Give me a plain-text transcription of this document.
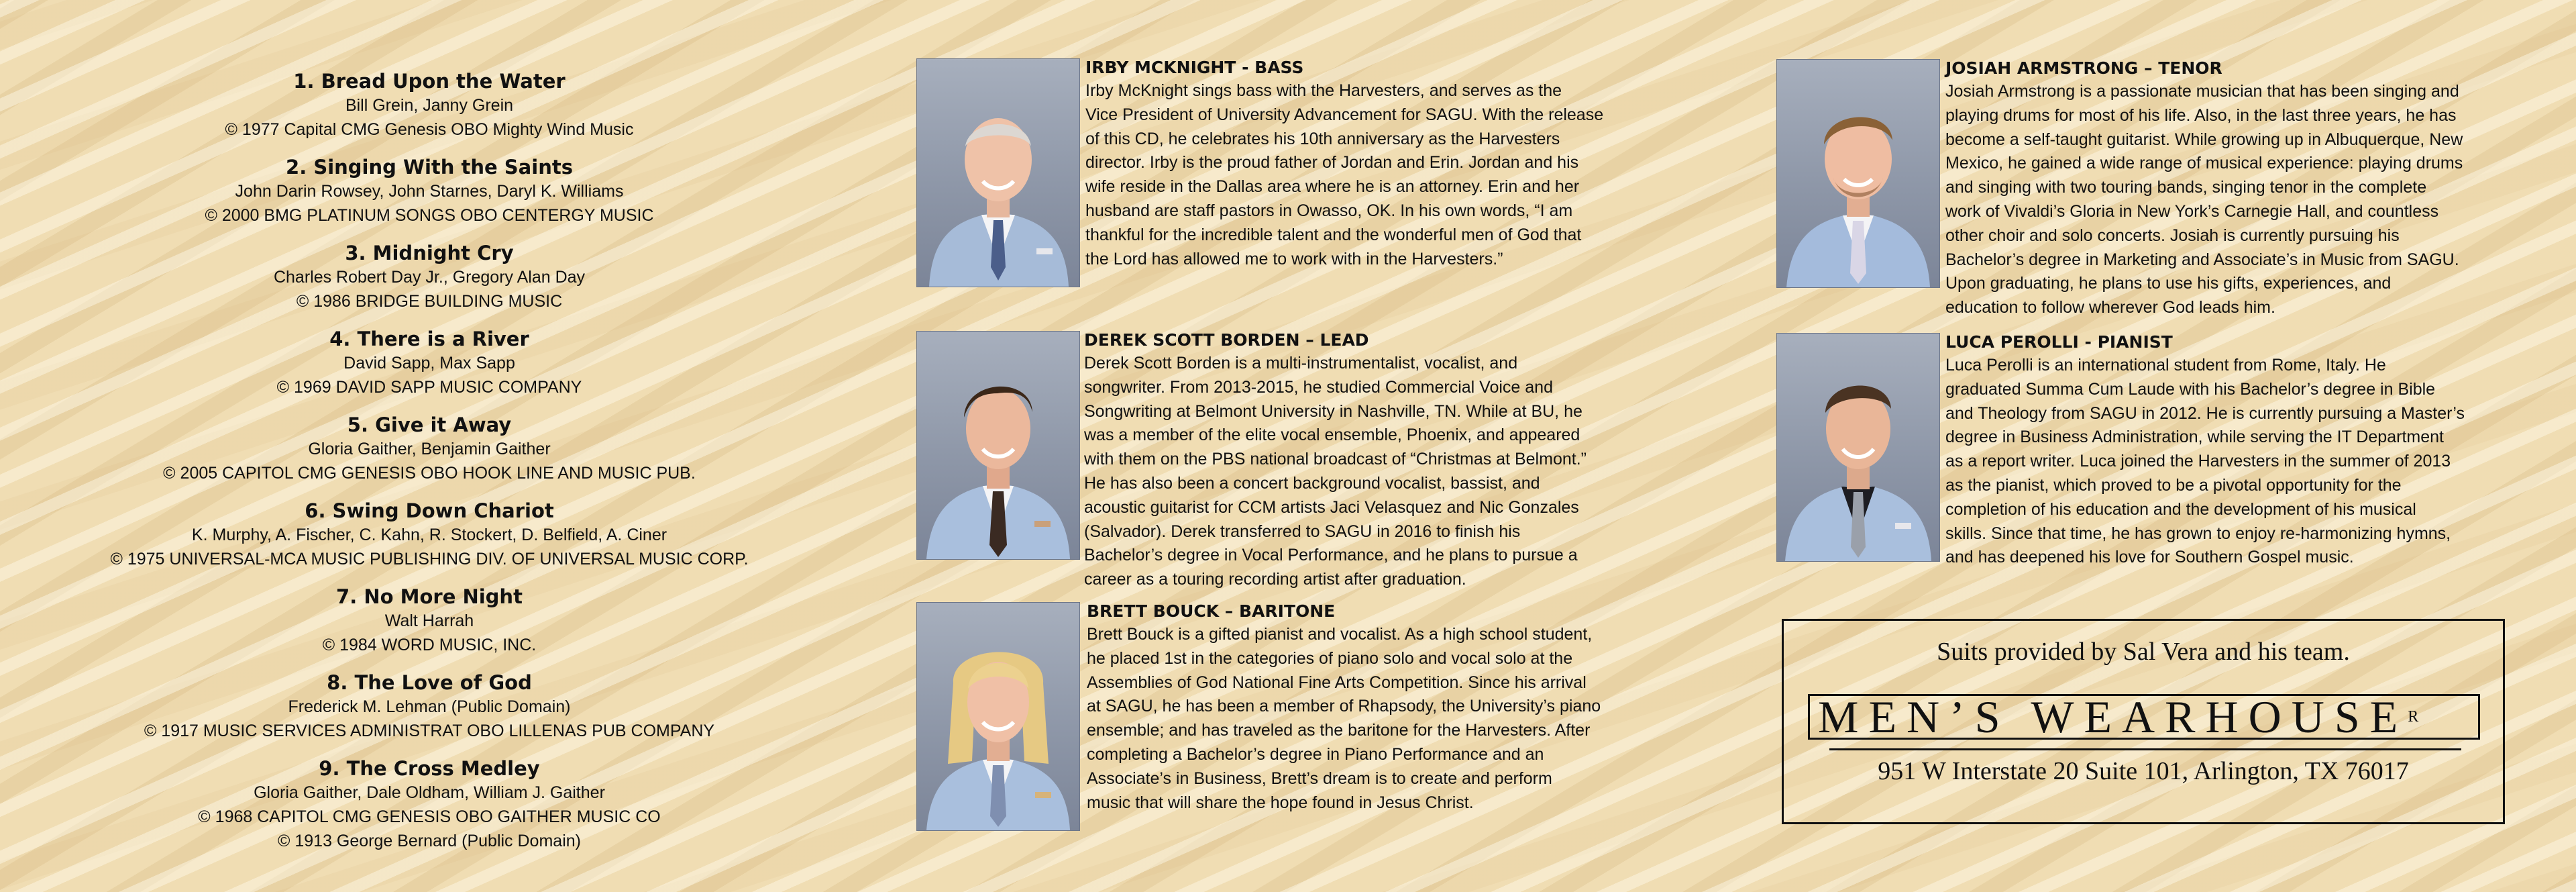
1. Bread Upon the Water
Bill Grein, Janny Grein
© 1977 Capital CMG Genesis OBO Mighty Wind Music
2. Singing With the Saints
John Darin Rowsey, John Starnes, Daryl K. Williams
© 2000 BMG PLATINUM SONGS OBO CENTERGY MUSIC
3. Midnight Cry
Charles Robert Day Jr., Gregory Alan Day
© 1986 BRIDGE BUILDING MUSIC
4. There is a River
David Sapp, Max Sapp
© 1969 DAVID SAPP MUSIC COMPANY
5. Give it Away
Gloria Gaither, Benjamin Gaither
© 2005 CAPITOL CMG GENESIS OBO HOOK LINE AND MUSIC PUB.
6. Swing Down Chariot
K. Murphy, A. Fischer, C. Kahn, R. Stockert, D. Belfield, A. Ciner
© 1975 UNIVERSAL-MCA MUSIC PUBLISHING DIV. OF UNIVERSAL MUSIC CORP.
7. No More Night
Walt Harrah
© 1984 WORD MUSIC, INC.
8. The Love of God
Frederick M. Lehman (Public Domain)
© 1917 MUSIC SERVICES ADMINISTRAT OBO LILLENAS PUB COMPANY
9. The Cross Medley
Gloria Gaither, Dale Oldham, William J. Gaither
© 1968 CAPITOL CMG GENESIS OBO GAITHER MUSIC CO
© 1913 George Bernard (Public Domain)
IRBY MCKNIGHT - BASS
Irby McKnight sings bass with the Harvesters, and serves as the
Vice President of University Advancement for SAGU. With the release
of this CD, he celebrates his 10th anniversary as the Harvesters
director. Irby is the proud father of Jordan and Erin. Jordan and his
wife reside in the Dallas area where he is an attorney. Erin and her
husband are staff pastors in Owasso, OK. In his own words, “I am
thankful for the incredible talent and the wonderful men of God that
the Lord has allowed me to work with in the Harvesters.”
DEREK SCOTT BORDEN – LEAD
Derek Scott Borden is a multi-instrumentalist, vocalist, and
songwriter. From 2013-2015, he studied Commercial Voice and
Songwriting at Belmont University in Nashville, TN. While at BU, he
was a member of the elite vocal ensemble, Phoenix, and appeared
with them on the PBS national broadcast of “Christmas at Belmont.”
He has also been a concert background vocalist, bassist, and
acoustic guitarist for CCM artists Jaci Velasquez and Nic Gonzales
(Salvador). Derek transferred to SAGU in 2016 to finish his
Bachelor’s degree in Vocal Performance, and he plans to pursue a
career as a touring recording artist after graduation.
BRETT BOUCK – BARITONE
Brett Bouck is a gifted pianist and vocalist. As a high school student,
he placed 1st in the categories of piano solo and vocal solo at the
Assemblies of God National Fine Arts Competition. Since his arrival
at SAGU, he has been a member of Rhapsody, the University’s piano
ensemble; and has traveled as the baritone for the Harvesters. After
completing a Bachelor’s degree in Piano Performance and an
Associate’s in Business, Brett’s dream is to create and perform
music that will share the hope found in Jesus Christ.
JOSIAH ARMSTRONG – TENOR
Josiah Armstrong is a passionate musician that has been singing and
playing drums for most of his life. Also, in the last three years, he has
become a self-taught guitarist. While growing up in Albuquerque, New
Mexico, he gained a wide range of musical experience: playing drums
and singing with two touring bands, singing tenor in the complete
work of Vivaldi’s Gloria in New York’s Carnegie Hall, and countless
other choir and solo concerts. Josiah is currently pursuing his
Bachelor’s degree in Marketing and Associate’s in Music from SAGU.
Upon graduating, he plans to use his gifts, experiences, and
education to follow wherever God leads him.
LUCA PEROLLI - PIANIST
Luca Perolli is an international student from Rome, Italy. He
graduated Summa Cum Laude with his Bachelor’s degree in Bible
and Theology from SAGU in 2012. He is currently pursuing a Master’s
degree in Business Administration, while serving the IT Department
as a report writer. Luca joined the Harvesters in the summer of 2013
as the pianist, which proved to be a pivotal opportunity for the
completion of his education and the development of his musical
skills. Since that time, he has grown to enjoy re-harmonizing hymns,
and has deepened his love for Southern Gospel music.
Suits provided by Sal Vera and his team.
MEN’S $WEARHOUSE^R$
951 W Interstate 20 Suite 101, Arlington, TX 76017
